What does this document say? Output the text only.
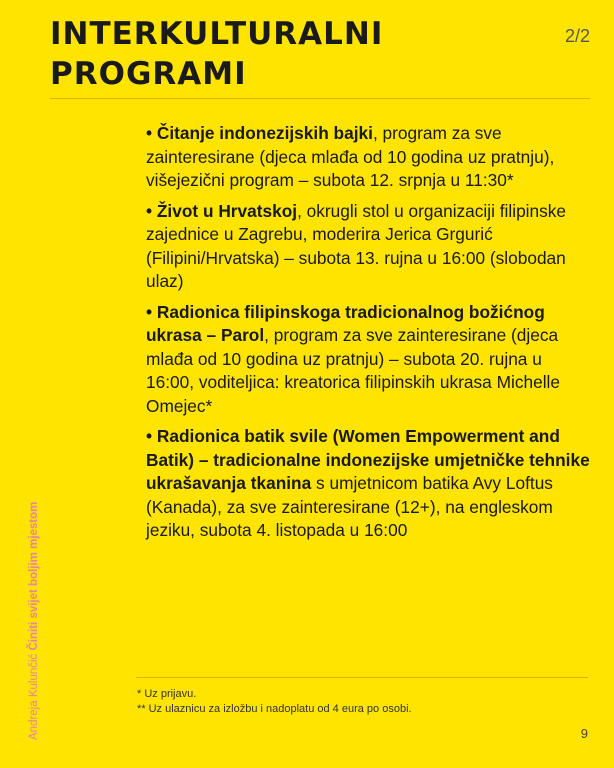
INTERKULTURALNI
PROGRAMI
2/2
• Čitanje indonezijskih bajki, program za sve zainteresirane (djeca mlađa od 10 godina uz pratnju), višejezični program – subota 12. srpnja u 11:30*
• Život u Hrvatskoj, okrugli stol u organizaciji filipinske zajednice u Zagrebu, moderira Jerica Grgurić (Filipini/Hrvatska) – subota 13. rujna u 16:00 (slobodan ulaz)
• Radionica filipinskoga tradicionalnog božićnog ukrasa – Parol, program za sve zainteresirane (djeca mlađa od 10 godina uz pratnju) – subota 20. rujna u 16:00, voditeljica: kreatorica filipinskih ukrasa Michelle Omejec*
• Radionica batik svile (Women Empowerment and Batik) – tradicionalne indonezijske umjetničke tehnike ukrašavanja tkanina s umjetnicom batika Avy Loftus (Kanada), za sve zainteresirane (12+), na engleskom jeziku, subota 4. listopada u 16:00

* Uz prijavu.

** Uz ulaznicu za izložbu i nadoplatu od 4 eura po osobi.

9
Andreja Kulunčić Činiti svijet boljim mjestom
